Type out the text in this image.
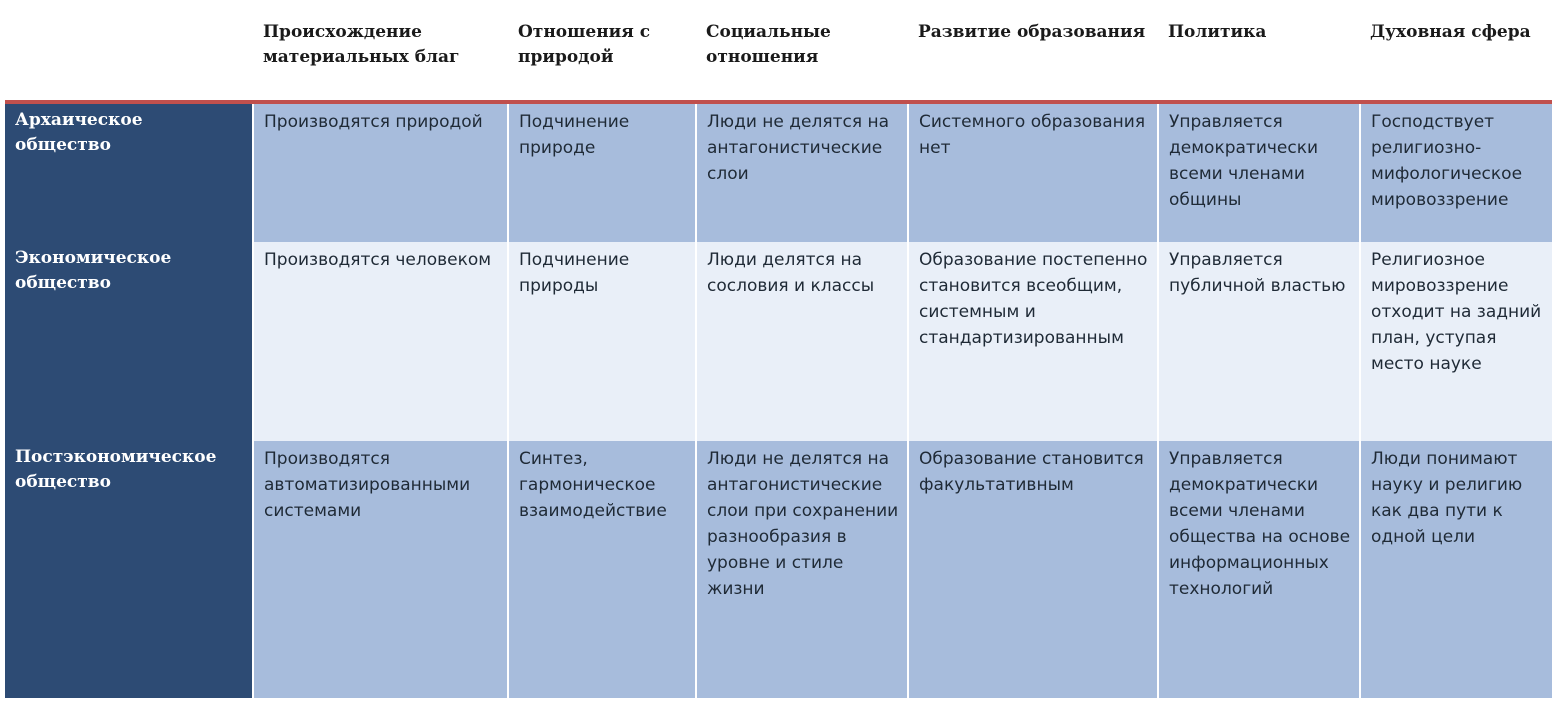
	Происхождение материальных благ	Отношения с природой	Социальные отношения	Развитие образования	Политика	Духовная сфера
Архаическое общество	Производятся природой	Подчинение природе	Люди не делятся на антагонистические слои	Системного образования нет	Управляется демократически всеми членами общины	Господствует религиозно-мифологическое мировоззрение
Экономическое общество	Производятся человеком	Подчинение природы	Люди делятся на сословия и классы	Образование постепенно становится всеобщим, системным и стандартизированным	Управляется публичной властью	Религиозное мировоззрение отходит на задний план, уступая место науке
Постэкономическое общество	Производятся автоматизированными системами	Синтез, гармоническое взаимодействие	Люди не делятся на антагонистические слои при сохранении разнообразия в уровне и стиле жизни	Образование становится факультативным	Управляется демократически всеми членами общества на основе информационных технологий	Люди понимают науку и религию как два пути к одной цели
